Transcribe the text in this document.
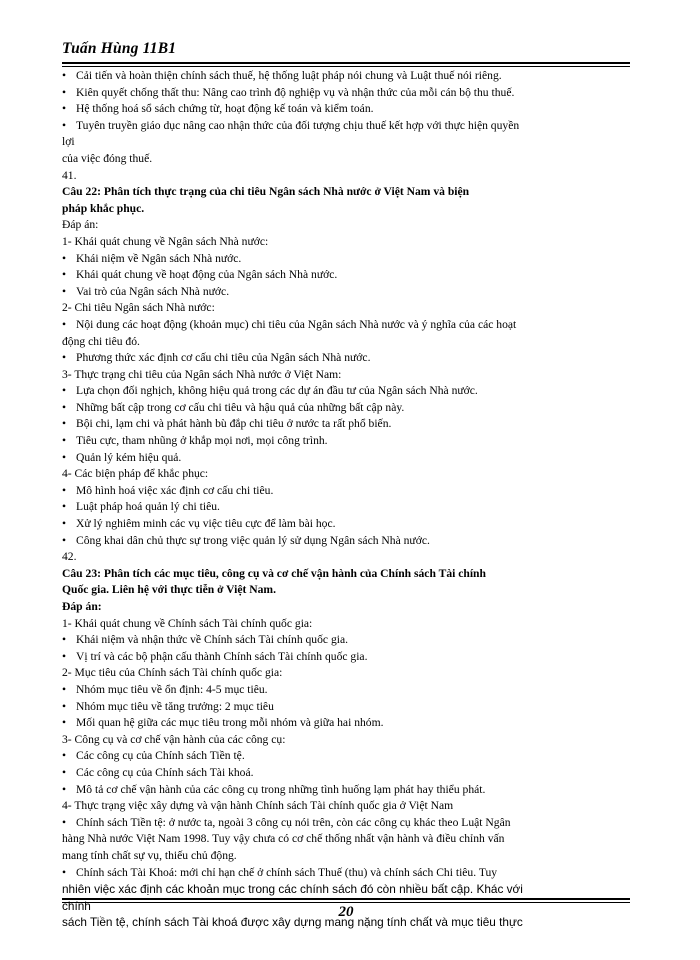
Tuấn Hùng 11B1
• Cải tiến và hoàn thiện chính sách thuế, hệ thống luật pháp nói chung và Luật thuế nói riêng.
• Kiên quyết chống thất thu: Nâng cao trình độ nghiệp vụ và nhận thức của mỗi cán bộ thu thuế.
• Hệ thống hoá sổ sách chứng từ, hoạt động kế toán và kiểm toán.
• Tuyên truyền giáo dục nâng cao nhận thức của đối tượng chịu thuế kết hợp với thực hiện quyền
lợi
của việc đóng thuế.
41.
Câu 22: Phân tích thực trạng của chi tiêu Ngân sách Nhà nước ở Việt Nam và biện
pháp khắc phục.
Đáp án:
1- Khái quát chung về Ngân sách Nhà nước:
• Khái niệm về Ngân sách Nhà nước.
• Khái quát chung về hoạt động của Ngân sách Nhà nước.
• Vai trò của Ngân sách Nhà nước.
2- Chi tiêu Ngân sách Nhà nước:
• Nội dung các hoạt động (khoản mục) chi tiêu của Ngân sách Nhà nước và ý nghĩa của các hoạt
động chi tiêu đó.
• Phương thức xác định cơ cấu chi tiêu của Ngân sách Nhà nước.
3- Thực trạng chi tiêu của Ngân sách Nhà nước ở Việt Nam:
• Lựa chọn đối nghịch, không hiệu quả trong các dự án đầu tư của Ngân sách Nhà nước.
• Những bất cập trong cơ cấu chi tiêu và hậu quả của những bất cập này.
• Bội chi, lạm chi và phát hành bù đắp chi tiêu ở nước ta rất phổ biến.
• Tiêu cực, tham nhũng ở khắp mọi nơi, mọi công trình.
• Quản lý kém hiệu quả.
4- Các biện pháp để khắc phục:
• Mô hình hoá việc xác định cơ cấu chi tiêu.
• Luật pháp hoá quản lý chi tiêu.
• Xử lý nghiêm minh các vụ việc tiêu cực để làm bài học.
• Công khai dân chủ thực sự trong việc quản lý sử dụng Ngân sách Nhà nước.
42.
Câu 23: Phân tích các mục tiêu, công cụ và cơ chế vận hành của Chính sách Tài chính
Quốc gia. Liên hệ với thực tiễn ở Việt Nam.
Đáp án:
1- Khái quát chung về Chính sách Tài chính quốc gia:
• Khái niệm và nhận thức về Chính sách Tài chính quốc gia.
• Vị trí và các bộ phận cấu thành Chính sách Tài chính quốc gia.
2- Mục tiêu của Chính sách Tài chính quốc gia:
• Nhóm mục tiêu về ổn định: 4-5 mục tiêu.
• Nhóm mục tiêu về tăng trưởng: 2 mục tiêu
• Mối quan hệ giữa các mục tiêu trong mỗi nhóm và giữa hai nhóm.
3- Công cụ và cơ chế vận hành của các công cụ:
• Các công cụ của Chính sách Tiền tệ.
• Các công cụ của Chính sách Tài khoá.
• Mô tả cơ chế vận hành của các công cụ trong những tình huống lạm phát hay thiểu phát.
4- Thực trạng việc xây dựng và vận hành Chính sách Tài chính quốc gia ở Việt Nam
• Chính sách Tiền tệ: ở nước ta, ngoài 3 công cụ nói trên, còn các công cụ khác theo Luật Ngân
hàng Nhà nước Việt Nam 1998. Tuy vậy chưa có cơ chế thống nhất vận hành và điều chỉnh vấn
mang tính chất sự vụ, thiếu chủ động.
• Chính sách Tài Khoá: mới chỉ hạn chế ở chính sách Thuế (thu) và chính sách Chi tiêu. Tuy
nhiên việc xác định các khoản mục trong các chính sách đó còn nhiều bất cập. Khác với
chính
sách Tiền tệ, chính sách Tài khoá được xây dựng mang nặng tính chất và mục tiêu thực
20
